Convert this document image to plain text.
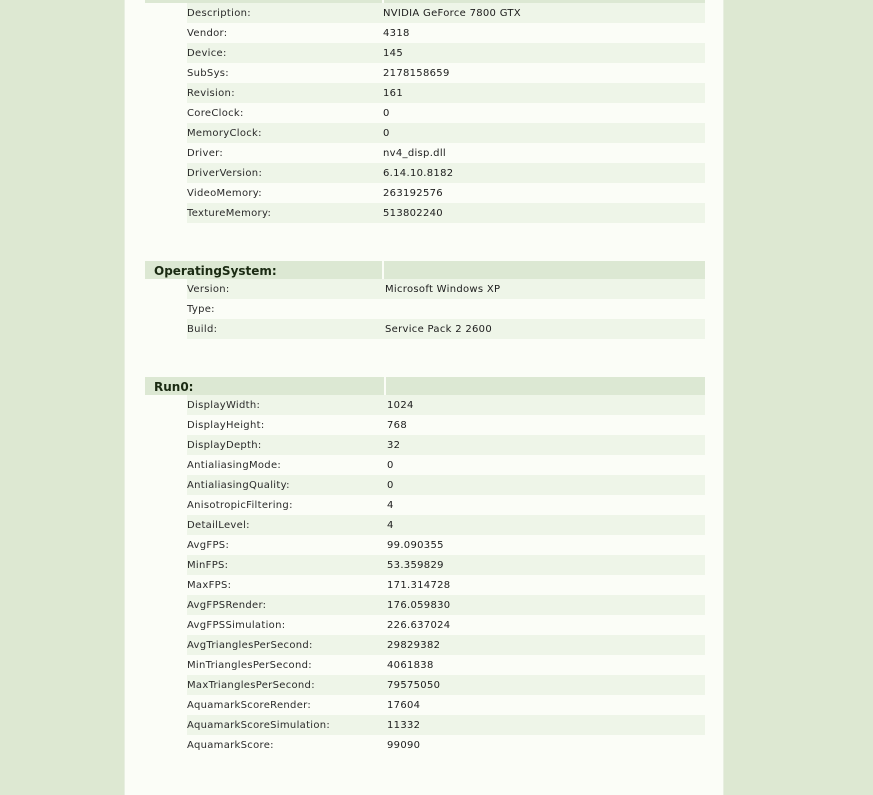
Description:	NVIDIA GeForce 7800 GTX
Vendor:	4318
Device:	145
SubSys:	2178158659
Revision:	161
CoreClock:	0
MemoryClock:	0
Driver:	nv4_disp.dll
DriverVersion:	6.14.10.8182
VideoMemory:	263192576
TextureMemory:	513802240
OperatingSystem:
Version:	Microsoft Windows XP
Type:
Build:	Service Pack 2 2600
Run0:
DisplayWidth:	1024
DisplayHeight:	768
DisplayDepth:	32
AntialiasingMode:	0
AntialiasingQuality:	0
AnisotropicFiltering:	4
DetailLevel:	4
AvgFPS:	99.090355
MinFPS:	53.359829
MaxFPS:	171.314728
AvgFPSRender:	176.059830
AvgFPSSimulation:	226.637024
AvgTrianglesPerSecond:	29829382
MinTrianglesPerSecond:	4061838
MaxTrianglesPerSecond:	79575050
AquamarkScoreRender:	17604
AquamarkScoreSimulation:	11332
AquamarkScore:	99090
